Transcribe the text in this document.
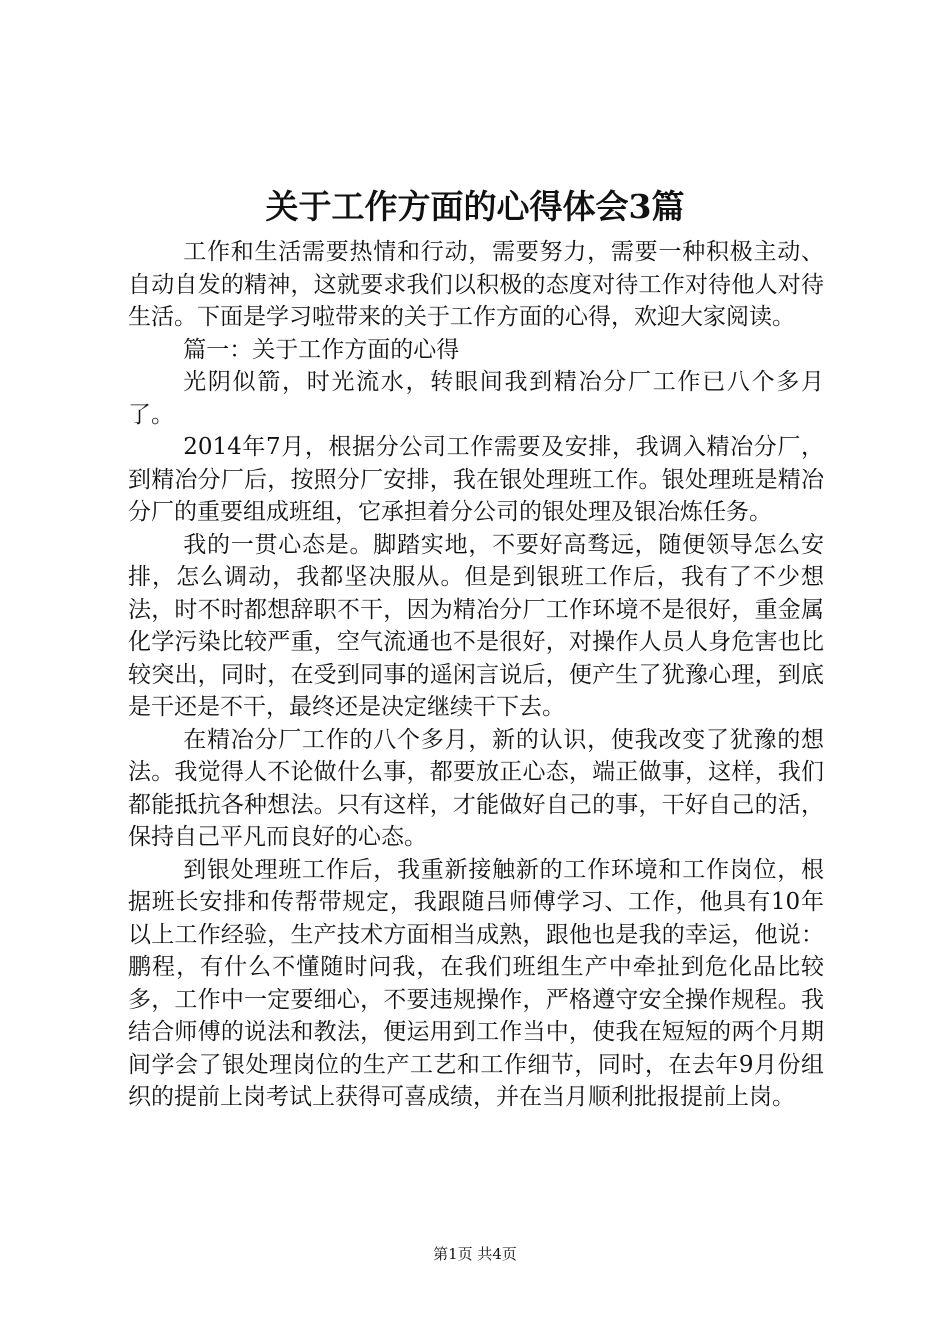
关于工作方面的心得体会3篇

工作和生活需要热情和行动，需要努力，需要一种积极主动、自动自发的精神，这就要求我们以积极的态度对待工作对待他人对待生活。下面是学习啦带来的关于工作方面的心得，欢迎大家阅读。

篇一：关于工作方面的心得

光阴似箭，时光流水，转眼间我到精冶分厂工作已八个多月了。

2014年7月，根据分公司工作需要及安排，我调入精冶分厂，到精冶分厂后，按照分厂安排，我在银处理班工作。银处理班是精冶分厂的重要组成班组，它承担着分公司的银处理及银冶炼任务。

我的一贯心态是。脚踏实地，不要好高骛远，随便领导怎么安排，怎么调动，我都坚决服从。但是到银班工作后，我有了不少想法，时不时都想辞职不干，因为精冶分厂工作环境不是很好，重金属化学污染比较严重，空气流通也不是很好，对操作人员人身危害也比较突出，同时，在受到同事的遥闲言说后，便产生了犹豫心理，到底是干还是不干，最终还是决定继续干下去。

在精冶分厂工作的八个多月，新的认识，使我改变了犹豫的想法。我觉得人不论做什么事，都要放正心态，端正做事，这样，我们都能抵抗各种想法。只有这样，才能做好自己的事，干好自己的活，保持自己平凡而良好的心态。

到银处理班工作后，我重新接触新的工作环境和工作岗位，根据班长安排和传帮带规定，我跟随吕师傅学习、工作，他具有10年以上工作经验，生产技术方面相当成熟，跟他也是我的幸运，他说：鹏程，有什么不懂随时问我，在我们班组生产中牵扯到危化品比较多，工作中一定要细心，不要违规操作，严格遵守安全操作规程。我结合师傅的说法和教法，便运用到工作当中，使我在短短的两个月期间学会了银处理岗位的生产工艺和工作细节，同时，在去年9月份组织的提前上岗考试上获得可喜成绩，并在当月顺利批报提前上岗。

第1页 共4页
